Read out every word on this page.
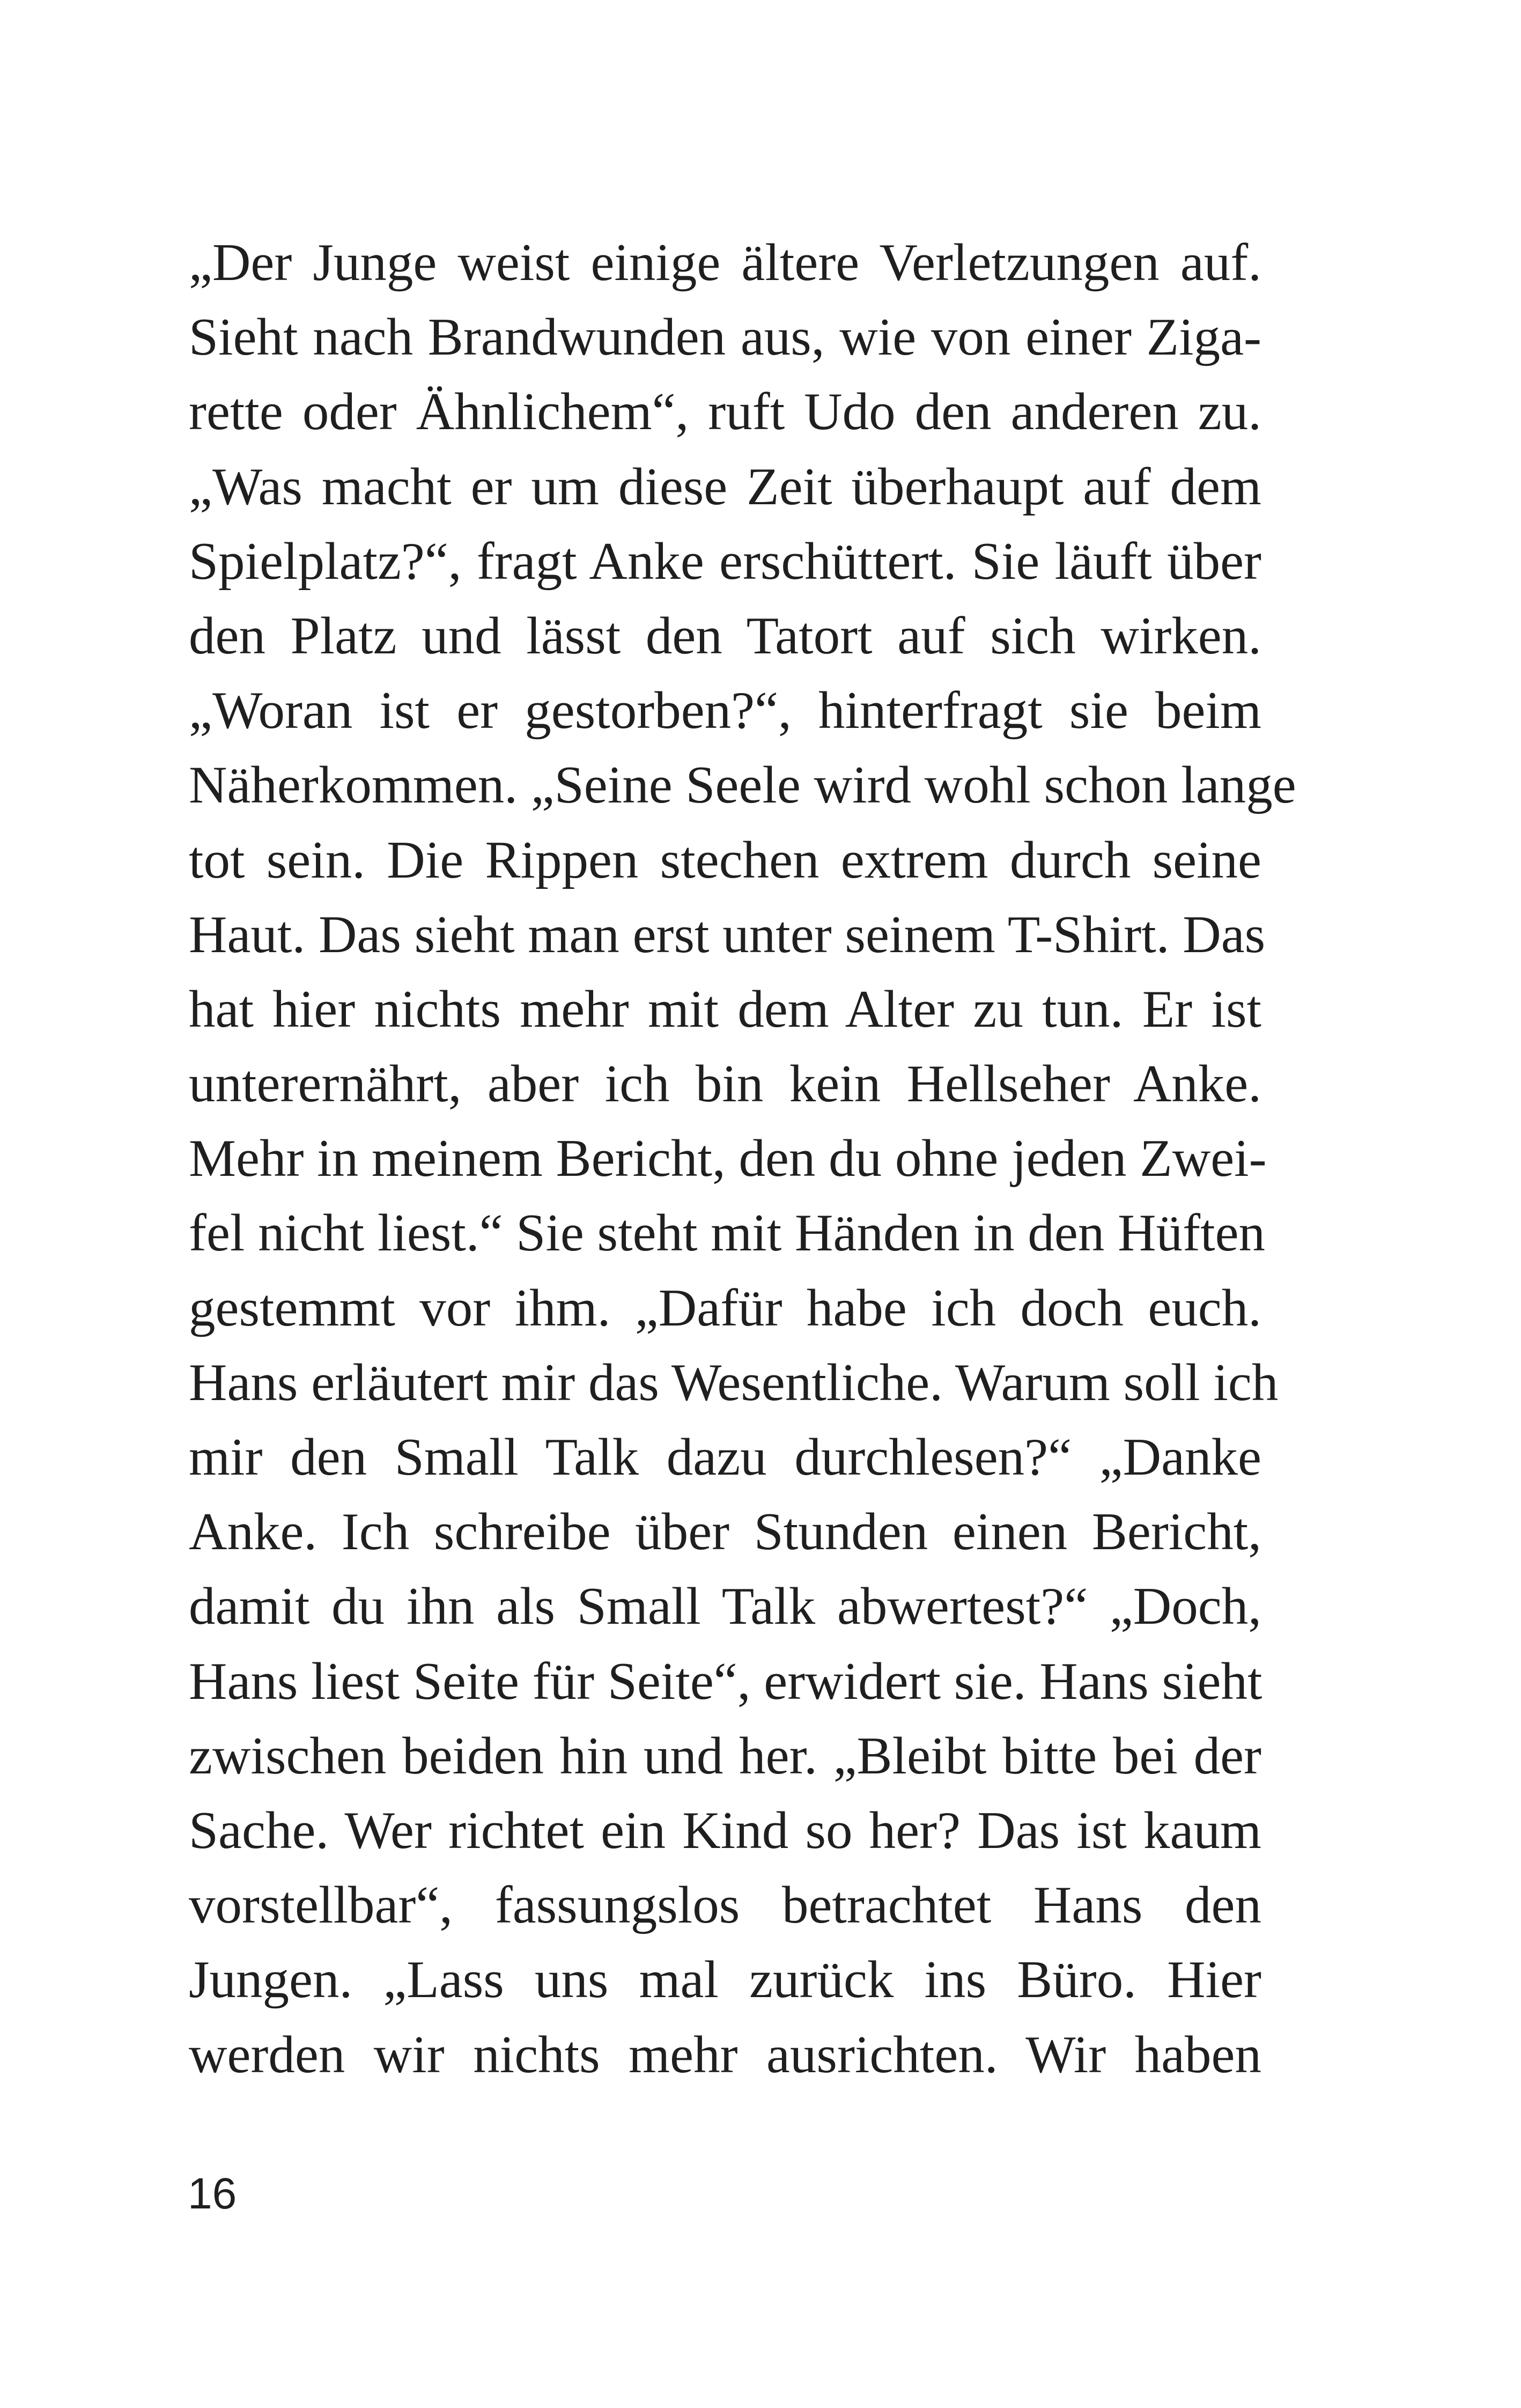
„Der Junge weist einige ältere Verletzungen auf.
Sieht nach Brandwunden aus, wie von einer Ziga-
rette oder Ähnlichem“, ruft Udo den anderen zu.
„Was macht er um diese Zeit überhaupt auf dem
Spielplatz?“, fragt Anke erschüttert. Sie läuft über
den Platz und lässt den Tatort auf sich wirken.
„Woran ist er gestorben?“, hinterfragt sie beim
Näherkommen. „Seine Seele wird wohl schon lange
tot sein. Die Rippen stechen extrem durch seine
Haut. Das sieht man erst unter seinem T-Shirt. Das
hat hier nichts mehr mit dem Alter zu tun. Er ist
unterernährt, aber ich bin kein Hellseher Anke.
Mehr in meinem Bericht, den du ohne jeden Zwei-
fel nicht liest.“ Sie steht mit Händen in den Hüften
gestemmt vor ihm. „Dafür habe ich doch euch.
Hans erläutert mir das Wesentliche. Warum soll ich
mir den Small Talk dazu durchlesen?“ „Danke
Anke. Ich schreibe über Stunden einen Bericht,
damit du ihn als Small Talk abwertest?“ „Doch,
Hans liest Seite für Seite“, erwidert sie. Hans sieht
zwischen beiden hin und her. „Bleibt bitte bei der
Sache. Wer richtet ein Kind so her? Das ist kaum
vorstellbar“, fassungslos betrachtet Hans den
Jungen. „Lass uns mal zurück ins Büro. Hier
werden wir nichts mehr ausrichten. Wir haben
16
